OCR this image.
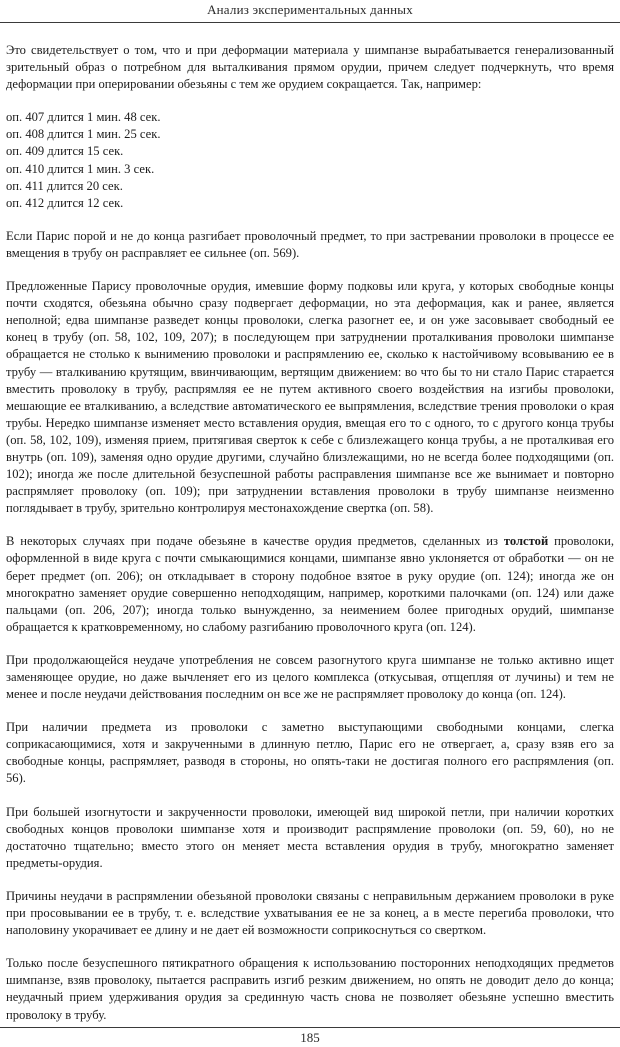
Анализ экспериментальных данных

Это свидетельствует о том, что и при деформации материала у шимпанзе вырабатывается генерализованный зрительный образ о потребном для выталкивания прямом орудии, причем следует подчеркнуть, что время деформации при оперировании обезьяны с тем же орудием сокращается. Так, например:

оп. 407 длится 1 мин. 48 сек.
оп. 408 длится 1 мин. 25 сек.
оп. 409 длится 15 сек.
оп. 410 длится 1 мин. 3 сек.
оп. 411 длится 20 сек.
оп. 412 длится 12 сек.

Если Парис порой и не до конца разгибает проволочный предмет, то при застревании проволоки в процессе ее вмещения в трубу он расправляет ее сильнее (оп. 569).

Предложенные Парису проволочные орудия, имевшие форму подковы или круга, у которых свободные концы почти сходятся, обезьяна обычно сразу подвергает деформации, но эта деформация, как и ранее, является неполной; едва шимпанзе разведет концы проволоки, слегка разогнет ее, и он уже засовывает свободный ее конец в трубу (оп. 58, 102, 109, 207); в последующем при затруднении проталкивания проволоки шимпанзе обращается не столько к вынимению проволоки и распрямлению ее, сколько к настойчивому всовыванию ее в трубу — вталкиванию крутящим, ввинчивающим, вертящим движением: во что бы то ни стало Парис старается вместить проволоку в трубу, распрямляя ее не путем активного своего воздействия на изгибы проволоки, мешающие ее вталкиванию, а вследствие автоматического ее выпрямления, вследствие трения проволоки о края трубы. Нередко шимпанзе изменяет место вставления орудия, вмещая его то с одного, то с другого конца трубы (оп. 58, 102, 109), изменяя прием, притягивая сверток к себе с близлежащего конца трубы, а не проталкивая его внутрь (оп. 109), заменяя одно орудие другими, случайно близлежащими, но не всегда более подходящими (оп. 102); иногда же после длительной безуспешной работы расправления шимпанзе все же вынимает и повторно распрямляет проволоку (оп. 109); при затруднении вставления проволоки в трубу шимпанзе неизменно поглядывает в трубу, зрительно контролируя местонахождение свертка (оп. 58).

В некоторых случаях при подаче обезьяне в качестве орудия предметов, сделанных из толстой проволоки, оформленной в виде круга с почти смыкающимися концами, шимпанзе явно уклоняется от обработки — он не берет предмет (оп. 206); он откладывает в сторону подобное взятое в руку орудие (оп. 124); иногда же он многократно заменяет орудие совершенно неподходящим, например, короткими палочками (оп. 124) или даже пальцами (оп. 206, 207); иногда только вынужденно, за неимением более пригодных орудий, шимпанзе обращается к кратковременному, но слабому разгибанию проволочного круга (оп. 124).

При продолжающейся неудаче употребления не совсем разогнутого круга шимпанзе не только активно ищет заменяющее орудие, но даже вычленяет его из целого комплекса (откусывая, отщепляя от лучины) и тем не менее и после неудачи действования последним он все же не распрямляет проволоку до конца (оп. 124).

При наличии предмета из проволоки с заметно выступающими свободными концами, слегка соприкасающимися, хотя и закрученными в длинную петлю, Парис его не отвергает, а, сразу взяв его за свободные концы, распрямляет, разводя в стороны, но опять-таки не достигая полного его распрямления (оп. 56).

При большей изогнутости и закрученности проволоки, имеющей вид широкой петли, при наличии коротких свободных концов проволоки шимпанзе хотя и производит распрямление проволоки (оп. 59, 60), но не достаточно тщательно; вместо этого он меняет места вставления орудия в трубу, многократно заменяет предметы-орудия.

Причины неудачи в распрямлении обезьяной проволоки связаны с неправильным держанием проволоки в руке при просовывании ее в трубу, т. е. вследствие ухватывания ее не за конец, а в месте перегиба проволоки, что наполовину укорачивает ее длину и не дает ей возможности соприкоснуться со свертком.

Только после безуспешного пятикратного обращения к использованию посторонних неподходящих предметов шимпанзе, взяв проволоку, пытается расправить изгиб резким движением, но опять не доводит дело до конца; неудачный прием удерживания орудия за срединную часть снова не позволяет обезьяне успешно вместить проволоку в трубу.

185
